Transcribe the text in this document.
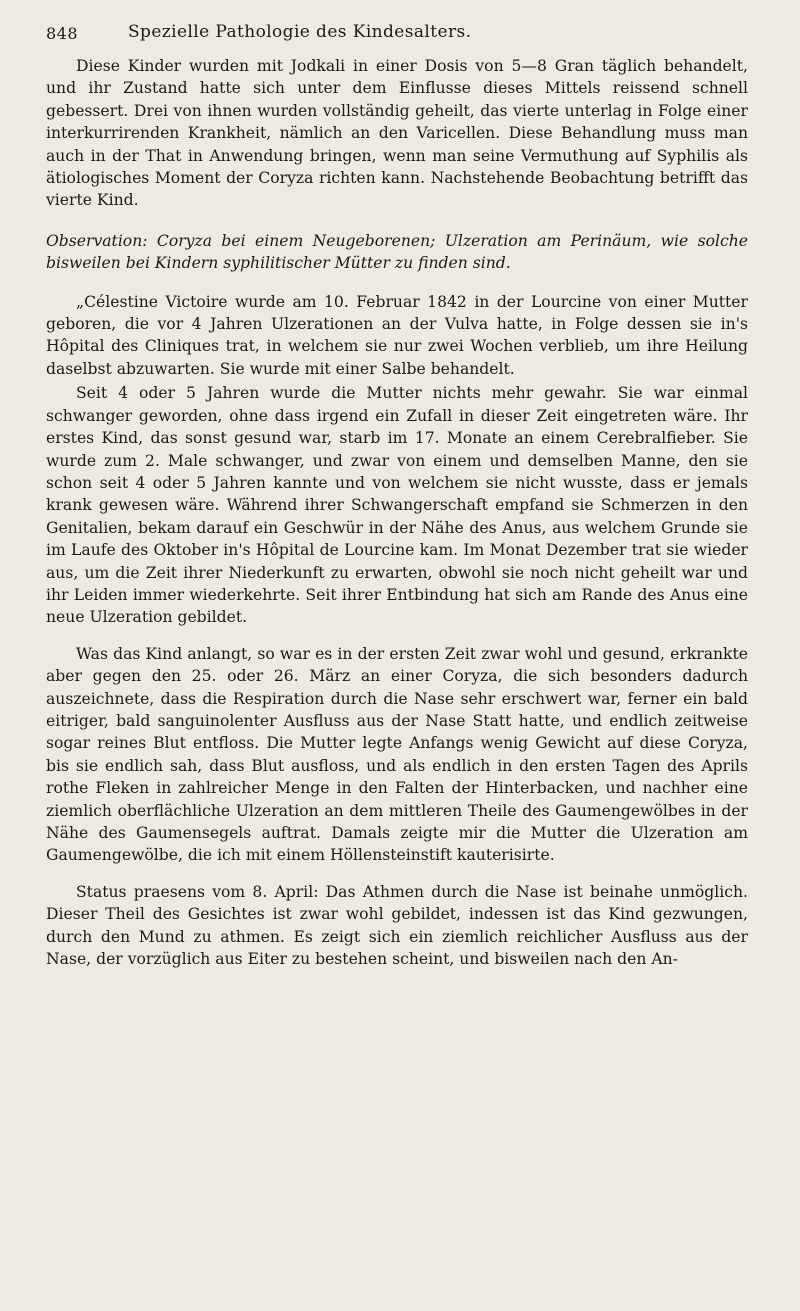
848	Spezielle Pathologie des Kindesalters.

Diese Kinder wurden mit Jodkali in einer Dosis von 5—8 Gran täglich behandelt, und ihr Zustand hatte sich unter dem Einflusse dieses Mittels reissend schnell gebessert. Drei von ihnen wurden vollständig geheilt, das vierte unterlag in Folge einer interkurrirenden Krankheit, nämlich an den Varicellen. Diese Behandlung muss man auch in der That in Anwendung bringen, wenn man seine Vermuthung auf Syphilis als ätiologisches Moment der Coryza richten kann. Nachstehende Beobachtung betrifft das vierte Kind.

Observation: Coryza bei einem Neugeborenen; Ulzeration am Perinäum, wie solche bisweilen bei Kindern syphilitischer Mütter zu finden sind.

„Célestine Victoire wurde am 10. Februar 1842 in der Lourcine von einer Mutter geboren, die vor 4 Jahren Ulzerationen an der Vulva hatte, in Folge dessen sie in's Hôpital des Cliniques trat, in welchem sie nur zwei Wochen verblieb, um ihre Heilung daselbst abzuwarten. Sie wurde mit einer Salbe behandelt.

Seit 4 oder 5 Jahren wurde die Mutter nichts mehr gewahr. Sie war einmal schwanger geworden, ohne dass irgend ein Zufall in dieser Zeit eingetreten wäre. Ihr erstes Kind, das sonst gesund war, starb im 17. Monate an einem Cerebralfieber. Sie wurde zum 2. Male schwanger, und zwar von einem und demselben Manne, den sie schon seit 4 oder 5 Jahren kannte und von welchem sie nicht wusste, dass er jemals krank gewesen wäre. Während ihrer Schwangerschaft empfand sie Schmerzen in den Genitalien, bekam darauf ein Geschwür in der Nähe des Anus, aus welchem Grunde sie im Laufe des Oktober in's Hôpital de Lourcine kam. Im Monat Dezember trat sie wieder aus, um die Zeit ihrer Niederkunft zu erwarten, obwohl sie noch nicht geheilt war und ihr Leiden immer wiederkehrte. Seit ihrer Entbindung hat sich am Rande des Anus eine neue Ulzeration gebildet.

Was das Kind anlangt, so war es in der ersten Zeit zwar wohl und gesund, erkrankte aber gegen den 25. oder 26. März an einer Coryza, die sich besonders dadurch auszeichnete, dass die Respiration durch die Nase sehr erschwert war, ferner ein bald eitriger, bald sanguinolenter Ausfluss aus der Nase Statt hatte, und endlich zeitweise sogar reines Blut entfloss. Die Mutter legte Anfangs wenig Gewicht auf diese Coryza, bis sie endlich sah, dass Blut ausfloss, und als endlich in den ersten Tagen des Aprils rothe Fleken in zahlreicher Menge in den Falten der Hinterbacken, und nachher eine ziemlich oberflächliche Ulzeration an dem mittleren Theile des Gaumengewölbes in der Nähe des Gaumensegels auftrat. Damals zeigte mir die Mutter die Ulzeration am Gaumengewölbe, die ich mit einem Höllensteinstift kauterisirte.

Status praesens vom 8. April: Das Athmen durch die Nase ist beinahe unmöglich. Dieser Theil des Gesichtes ist zwar wohl gebildet, indessen ist das Kind gezwungen, durch den Mund zu athmen. Es zeigt sich ein ziemlich reichlicher Ausfluss aus der Nase, der vorzüglich aus Eiter zu bestehen scheint, und bisweilen nach den An-
